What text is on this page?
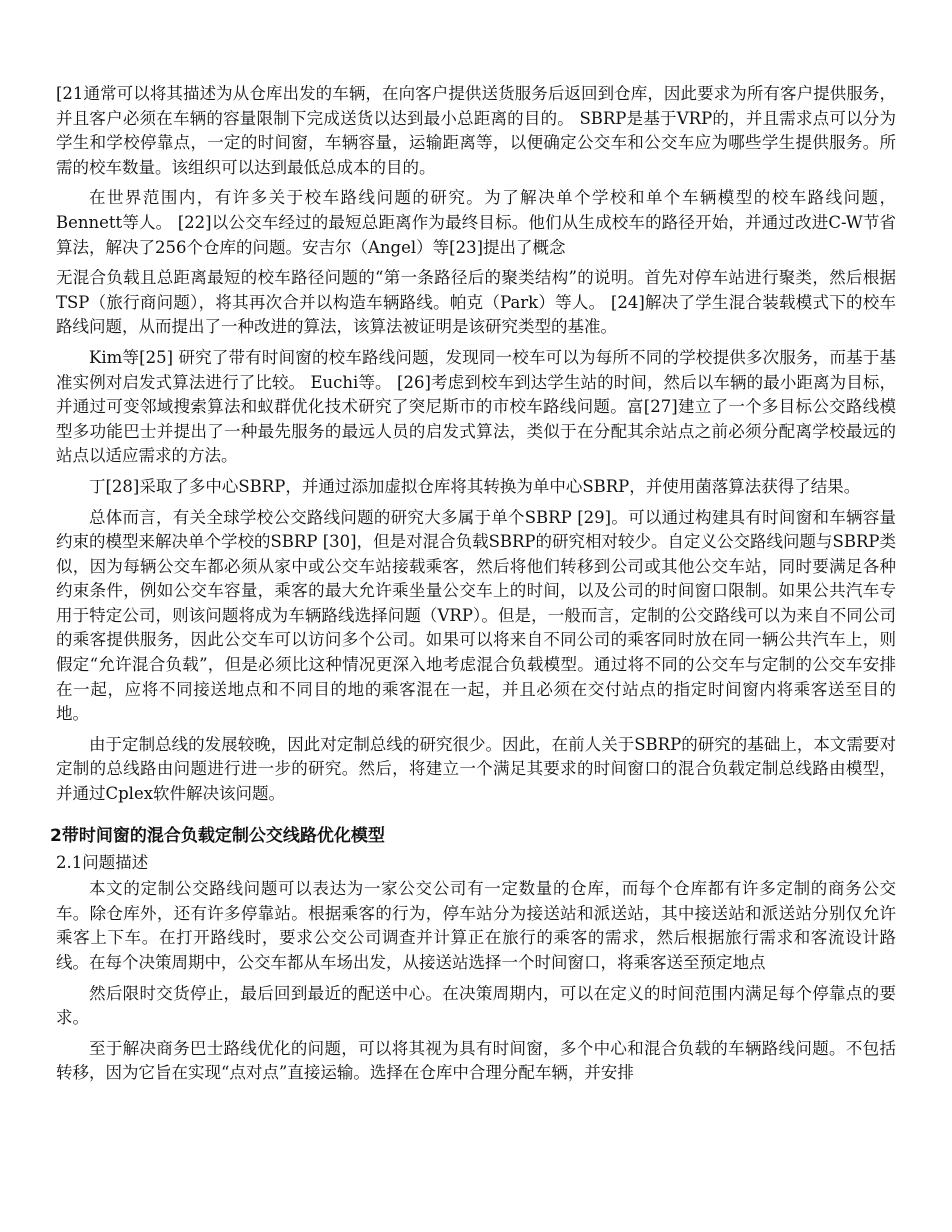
[21通常可以将其描述为从仓库出发的车辆，在向客户提供送货服务后返回到仓库，因此要求为所有客户提供服务，并且客户必须在车辆的容量限制下完成送货以达到最小总距离的目的。 SBRP是基于VRP的，并且需求点可以分为学生和学校停靠点，一定的时间窗，车辆容量，运输距离等，以便确定公交车和公交车应为哪些学生提供服务。所需的校车数量。该组织可以达到最低总成本的目的。

在世界范围内，有许多关于校车路线问题的研究。为了解决单个学校和单个车辆模型的校车路线问题，Bennett等人。 [22]以公交车经过的最短总距离作为最终目标。他们从生成校车的路径开始，并通过改进C-W节省算法，解决了256个仓库的问题。安吉尔（Angel）等[23]提出了概念

无混合负载且总距离最短的校车路径问题的“第一条路径后的聚类结构”的说明。首先对停车站进行聚类，然后根据TSP（旅行商问题），将其再次合并以构造车辆路线。帕克（Park）等人。 [24]解决了学生混合装载模式下的校车路线问题，从而提出了一种改进的算法，该算法被证明是该研究类型的基准。

Kim等[25] 研究了带有时间窗的校车路线问题，发现同一校车可以为每所不同的学校提供多次服务，而基于基准实例对启发式算法进行了比较。 Euchi等。 [26]考虑到校车到达学生站的时间，然后以车辆的最小距离为目标，并通过可变邻域搜索算法和蚁群优化技术研究了突尼斯市的市校车路线问题。富[27]建立了一个多目标公交路线模型多功能巴士并提出了一种最先服务的最远人员的启发式算法，类似于在分配其余站点之前必须分配离学校最远的站点以适应需求的方法。

丁[28]采取了多中心SBRP，并通过添加虚拟仓库将其转换为单中心SBRP，并使用菌落算法获得了结果。

总体而言，有关全球学校公交路线问题的研究大多属于单个SBRP [29]。可以通过构建具有时间窗和车辆容量约束的模型来解决单个学校的SBRP [30]，但是对混合负载SBRP的研究相对较少。自定义公交路线问题与SBRP类似，因为每辆公交车都必须从家中或公交车站接载乘客，然后将他们转移到公司或其他公交车站，同时要满足各种约束条件，例如公交车容量，乘客的最大允许乘坐量公交车上的时间，以及公司的时间窗口限制。如果公共汽车专用于特定公司，则该问题将成为车辆路线选择问题（VRP）。但是，一般而言，定制的公交路线可以为来自不同公司的乘客提供服务，因此公交车可以访问多个公司。如果可以将来自不同公司的乘客同时放在同一辆公共汽车上，则假定“允许混合负载”，但是必须比这种情况更深入地考虑混合负载模型。通过将不同的公交车与定制的公交车安排在一起，应将不同接送地点和不同目的地的乘客混在一起，并且必须在交付站点的指定时间窗内将乘客送至目的地。

由于定制总线的发展较晚，因此对定制总线的研究很少。因此，在前人关于SBRP的研究的基础上，本文需要对定制的总线路由问题进行进一步的研究。然后，将建立一个满足其要求的时间窗口的混合负载定制总线路由模型，并通过Cplex软件解决该问题。

2带时间窗的混合负载定制公交线路优化模型
2.1问题描述

本文的定制公交路线问题可以表达为一家公交公司有一定数量的仓库，而每个仓库都有许多定制的商务公交车。除仓库外，还有许多停靠站。根据乘客的行为，停车站分为接送站和派送站，其中接送站和派送站分别仅允许乘客上下车。在打开路线时，要求公交公司调查并计算正在旅行的乘客的需求，然后根据旅行需求和客流设计路线。在每个决策周期中，公交车都从车场出发，从接送站选择一个时间窗口，将乘客送至预定地点

然后限时交货停止，最后回到最近的配送中心。在决策周期内，可以在定义的时间范围内满足每个停靠点的要求。

至于解决商务巴士路线优化的问题，可以将其视为具有时间窗，多个中心和混合负载的车辆路线问题。不包括转移，因为它旨在实现“点对点”直接运输。选择在仓库中合理分配车辆，并安排
